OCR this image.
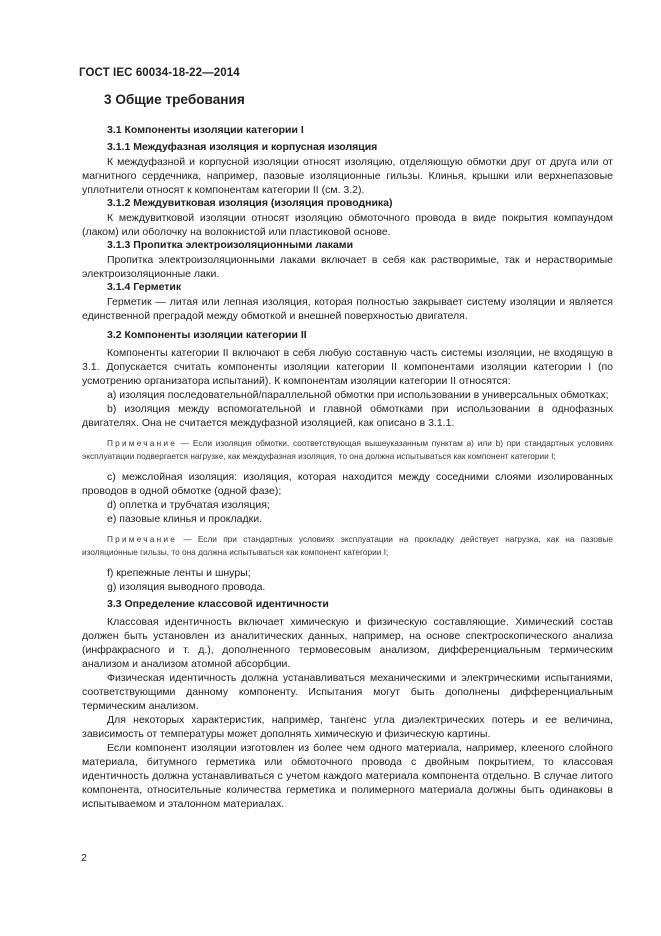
ГОСТ IEC 60034-18-22—2014
3 Общие требования
3.1 Компоненты изоляции категории I
3.1.1 Междуфазная изоляция и корпусная изоляция

К междуфазной и корпусной изоляции относят изоляцию, отделяющую обмотки друг от друга или от магнитного сердечника, например, пазовые изоляционные гильзы. Клинья, крышки или верхнепазовые уплотнители относят к компонентам категории II (см. 3.2).

3.1.2 Междувитковая изоляция (изоляция проводника)

К междувитковой изоляции относят изоляцию обмоточного провода в виде покрытия компаундом (лаком) или оболочку на волокнистой или пластиковой основе.

3.1.3 Пропитка электроизоляционными лаками

Пропитка электроизоляционными лаками включает в себя как растворимые, так и нерастворимые электроизоляционные лаки.

3.1.4 Герметик

Герметик — литая или лепная изоляция, которая полностью закрывает систему изоляции и является единственной преградой между обмоткой и внешней поверхностью двигателя.

3.2 Компоненты изоляции категории II

Компоненты категории II включают в себя любую составную часть системы изоляции, не входящую в 3.1. Допускается считать компоненты изоляции категории II компонентами изоляции категории I (по усмотрению организатора испытаний). К компонентам изоляции категории II относятся:

a) изоляция последовательной/параллельной обмотки при использовании в универсальных обмотках;

b) изоляция между вспомогательной и главной обмотками при использовании в однофазных двигателях. Она не считается междуфазной изоляцией, как описано в 3.1.1.

Примечание — Если изоляция обмотки, соответствующая вышеуказанным пунктам a) или b) при стандартных условиях эксплуатации подвергается нагрузке, как междуфазная изоляция, то она должна испытываться как компонент категории I;

c) межслойная изоляция: изоляция, которая находится между соседними слоями изолированных проводов в одной обмотке (одной фазе);

d) оплетка и трубчатая изоляция;

e) пазовые клинья и прокладки.

Примечание — Если при стандартных условиях эксплуатации на прокладку действует нагрузка, как на пазовые изоляционные гильзы, то она должна испытываться как компонент категории I;

f) крепежные ленты и шнуры;

g) изоляция выводного провода.

3.3 Определение классовой идентичности

Классовая идентичность включает химическую и физическую составляющие. Химический состав должен быть установлен из аналитических данных, например, на основе спектроскопического анализа (инфракрасного и т. д.), дополненного термовесовым анализом, дифференциальным термическим анализом и анализом атомной абсорбции.

Физическая идентичность должна устанавливаться механическими и электрическими испытаниями, соответствующими данному компоненту. Испытания могут быть дополнены дифференциальным термическим анализом.

Для некоторых характеристик, например, тангенс угла диэлектрических потерь и ее величина, зависимость от температуры может дополнять химическую и физическую картины.

Если компонент изоляции изготовлен из более чем одного материала, например, клееного слойного материала, битумного герметика или обмоточного провода с двойным покрытием, то классовая идентичность должна устанавливаться с учетом каждого материала компонента отдельно. В случае литого компонента, относительные количества герметика и полимерного материала должны быть одинаковы в испытываемом и эталонном материалах.

2
